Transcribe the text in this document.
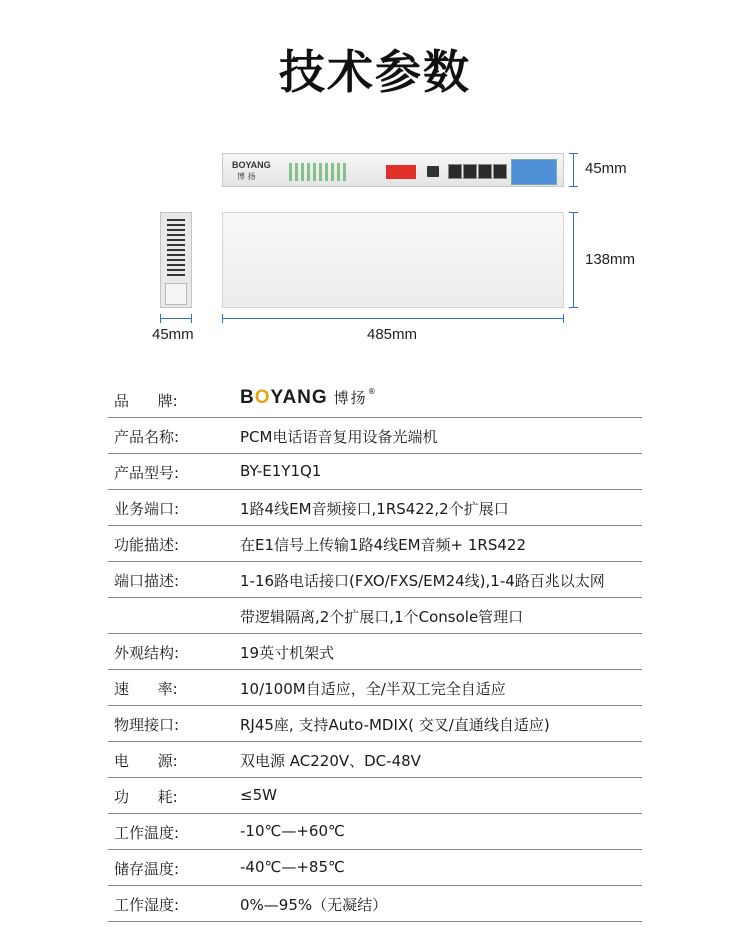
技术参数
BOYANG
博 扬	45mm
138mm
45mm	485mm
品      牌:	BOYANG 博扬®
产品名称:	PCM电话语音复用设备光端机
产品型号:	BY-E1Y1Q1
业务端口:	1路4线EM音频接口,1RS422,2个扩展口
功能描述:	在E1信号上传输1路4线EM音频+ 1RS422
端口描述:	1-16路电话接口(FXO/FXS/EM24线),1-4路百兆以太网
带逻辑隔离,2个扩展口,1个Console管理口
外观结构:	19英寸机架式
速      率:	10/100M自适应，全/半双工完全自适应
物理接口:	RJ45座, 支持Auto-MDIX( 交叉/直通线自适应)
电      源:	双电源 AC220V、DC-48V
功      耗:	≤5W
工作温度:	-10℃—+60℃
储存温度:	-40℃—+85℃
工作湿度:	0%—95%（无凝结）
